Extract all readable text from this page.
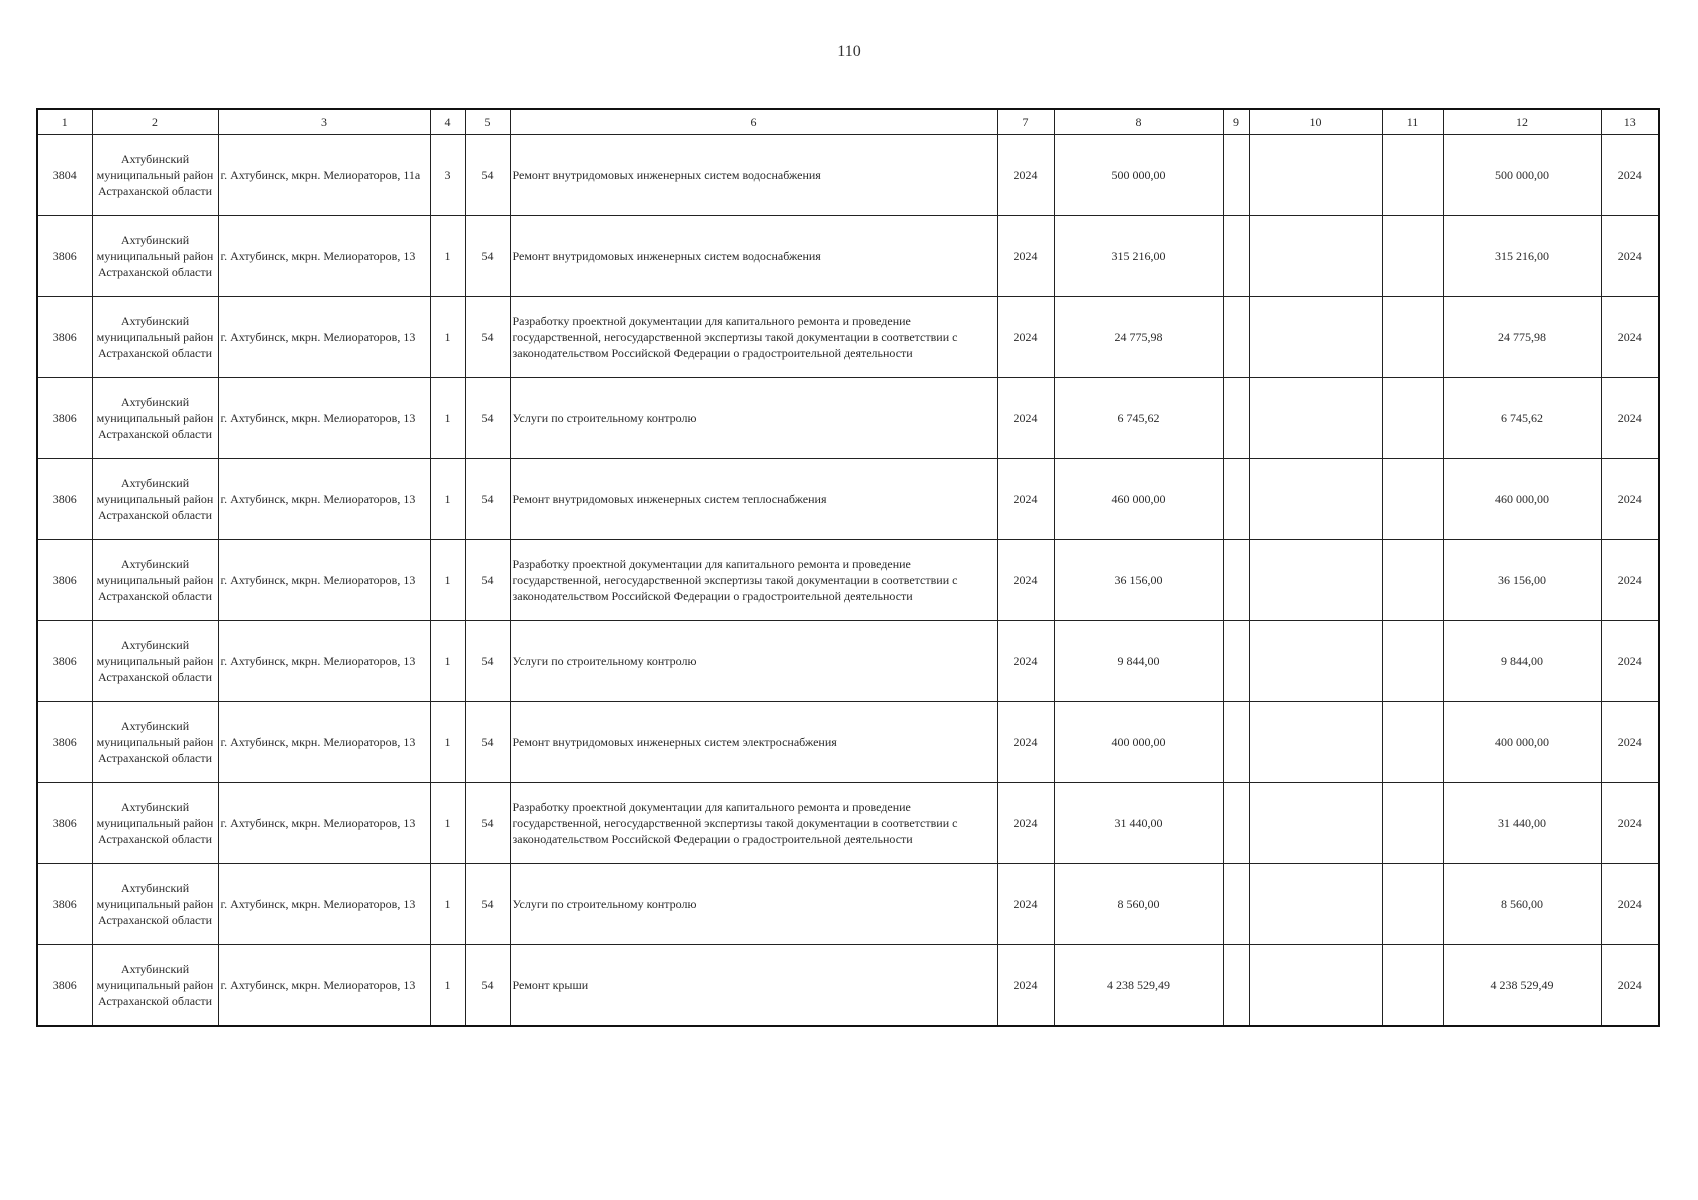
110
1	2	3	4	5	6	7	8	9	10	11	12	13
3804	Ахтубинский муниципальный район Астраханской области	г. Ахтубинск, мкрн. Мелиораторов, 11а	3	54	Ремонт внутридомовых инженерных систем водоснабжения	2024	500 000,00				500 000,00	2024
3806	Ахтубинский муниципальный район Астраханской области	г. Ахтубинск, мкрн. Мелиораторов, 13	1	54	Ремонт внутридомовых инженерных систем водоснабжения	2024	315 216,00				315 216,00	2024
3806	Ахтубинский муниципальный район Астраханской области	г. Ахтубинск, мкрн. Мелиораторов, 13	1	54	Разработку проектной документации для капитального ремонта и проведение государственной, негосударственной экспертизы такой документации в соответствии с законодательством Российской Федерации о градостроительной деятельности	2024	24 775,98				24 775,98	2024
3806	Ахтубинский муниципальный район Астраханской области	г. Ахтубинск, мкрн. Мелиораторов, 13	1	54	Услуги по строительному контролю	2024	6 745,62				6 745,62	2024
3806	Ахтубинский муниципальный район Астраханской области	г. Ахтубинск, мкрн. Мелиораторов, 13	1	54	Ремонт внутридомовых инженерных систем теплоснабжения	2024	460 000,00				460 000,00	2024
3806	Ахтубинский муниципальный район Астраханской области	г. Ахтубинск, мкрн. Мелиораторов, 13	1	54	Разработку проектной документации для капитального ремонта и проведение государственной, негосударственной экспертизы такой документации в соответствии с законодательством Российской Федерации о градостроительной деятельности	2024	36 156,00				36 156,00	2024
3806	Ахтубинский муниципальный район Астраханской области	г. Ахтубинск, мкрн. Мелиораторов, 13	1	54	Услуги по строительному контролю	2024	9 844,00				9 844,00	2024
3806	Ахтубинский муниципальный район Астраханской области	г. Ахтубинск, мкрн. Мелиораторов, 13	1	54	Ремонт внутридомовых инженерных систем электроснабжения	2024	400 000,00				400 000,00	2024
3806	Ахтубинский муниципальный район Астраханской области	г. Ахтубинск, мкрн. Мелиораторов, 13	1	54	Разработку проектной документации для капитального ремонта и проведение государственной, негосударственной экспертизы такой документации в соответствии с законодательством Российской Федерации о градостроительной деятельности	2024	31 440,00				31 440,00	2024
3806	Ахтубинский муниципальный район Астраханской области	г. Ахтубинск, мкрн. Мелиораторов, 13	1	54	Услуги по строительному контролю	2024	8 560,00				8 560,00	2024
3806	Ахтубинский муниципальный район Астраханской области	г. Ахтубинск, мкрн. Мелиораторов, 13	1	54	Ремонт крыши	2024	4 238 529,49				4 238 529,49	2024
